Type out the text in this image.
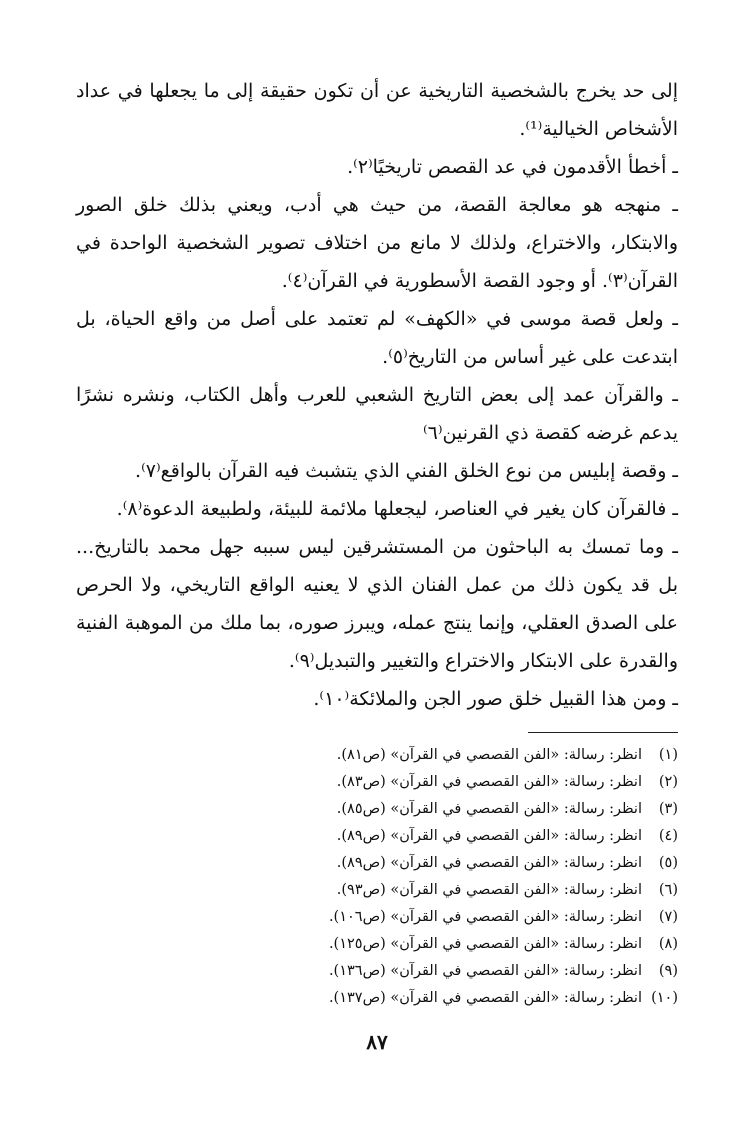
إلى حد يخرج بالشخصية التاريخية عن أن تكون حقيقة إلى ما يجعلها في عداد الأشخاص الخيالية⁽¹⁾.

ـ أخطأ الأقدمون في عد القصص تاريخيًا⁽٢⁾.

ـ منهجه هو معالجة القصة، من حيث هي أدب، ويعني بذلك خلق الصور والابتكار، والاختراع، ولذلك لا مانع من اختلاف تصوير الشخصية الواحدة في القرآن⁽٣⁾. أو وجود القصة الأسطورية في القرآن⁽٤⁾.

ـ ولعل قصة موسى في «الكهف» لم تعتمد على أصل من واقع الحياة، بل ابتدعت على غير أساس من التاريخ⁽٥⁾.

ـ والقرآن عمد إلى بعض التاريخ الشعبي للعرب وأهل الكتاب، ونشره نشرًا يدعم غرضه كقصة ذي القرنين⁽٦⁾

ـ وقصة إبليس من نوع الخلق الفني الذي يتشبث فيه القرآن بالواقع⁽٧⁾.

ـ فالقرآن كان يغير في العناصر، ليجعلها ملائمة للبيئة، ولطبيعة الدعوة⁽٨⁾.

ـ وما تمسك به الباحثون من المستشرقين ليس سببه جهل محمد بالتاريخ... بل قد يكون ذلك من عمل الفنان الذي لا يعنيه الواقع التاريخي، ولا الحرص على الصدق العقلي، وإنما ينتج عمله، ويبرز صوره، بما ملك من الموهبة الفنية والقدرة على الابتكار والاختراع والتغيير والتبديل⁽٩⁾.

ـ ومن هذا القبيل خلق صور الجن والملائكة⁽١٠⁾.

(١)
انظر: رسالة: «الفن القصصي في القرآن» (ص٨١).
(٢)
انظر: رسالة: «الفن القصصي في القرآن» (ص٨٣).
(٣)
انظر: رسالة: «الفن القصصي في القرآن» (ص٨٥).
(٤)
انظر: رسالة: «الفن القصصي في القرآن» (ص٨٩).
(٥)
انظر: رسالة: «الفن القصصي في القرآن» (ص٨٩).
(٦)
انظر: رسالة: «الفن القصصي في القرآن» (ص٩٣).
(٧)
انظر: رسالة: «الفن القصصي في القرآن» (ص١٠٦).
(٨)
انظر: رسالة: «الفن القصصي في القرآن» (ص١٢٥).
(٩)
انظر: رسالة: «الفن القصصي في القرآن» (ص١٣٦).
(١٠)
انظر: رسالة: «الفن القصصي في القرآن» (ص١٣٧).
٨٧
